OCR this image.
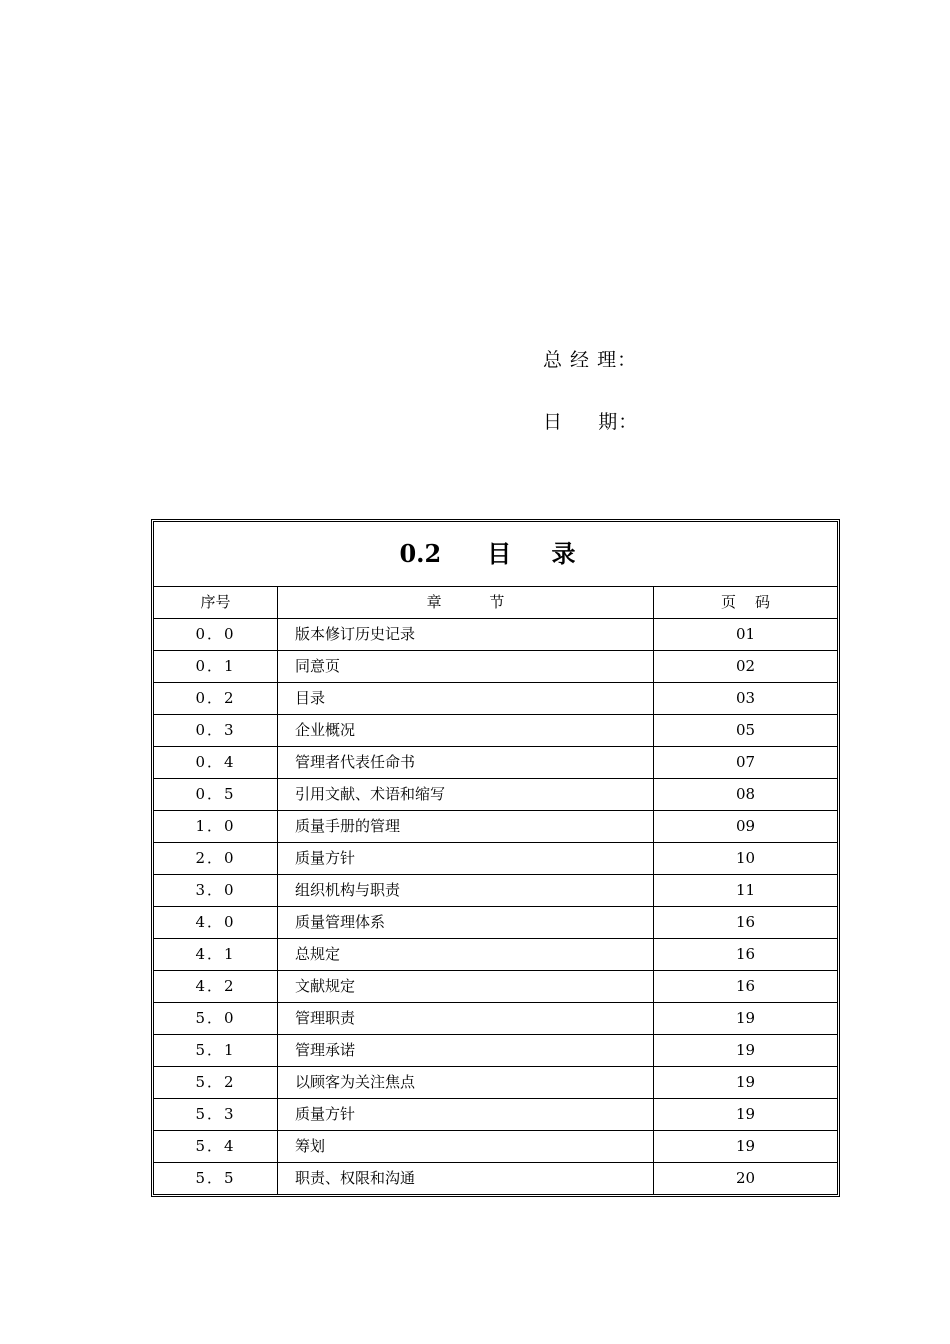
总 经 理：
日     期：
0.2 目 录		
序号	章          节	页    码
0．0	版本修订历史记录	01
0．1	同意页	02
0．2	目录	03
0．3	企业概况	05
0．4	管理者代表任命书	07
0．5	引用文献、术语和缩写	08
1．0	质量手册的管理	09
2．0	质量方针	10
3．0	组织机构与职责	11
4．0	质量管理体系	16
4．1	总规定	16
4．2	文献规定	16
5．0	管理职责	19
5．1	管理承诺	19
5．2	以顾客为关注焦点	19
5．3	质量方针	19
5．4	筹划	19
5．5	职责、权限和沟通	20
